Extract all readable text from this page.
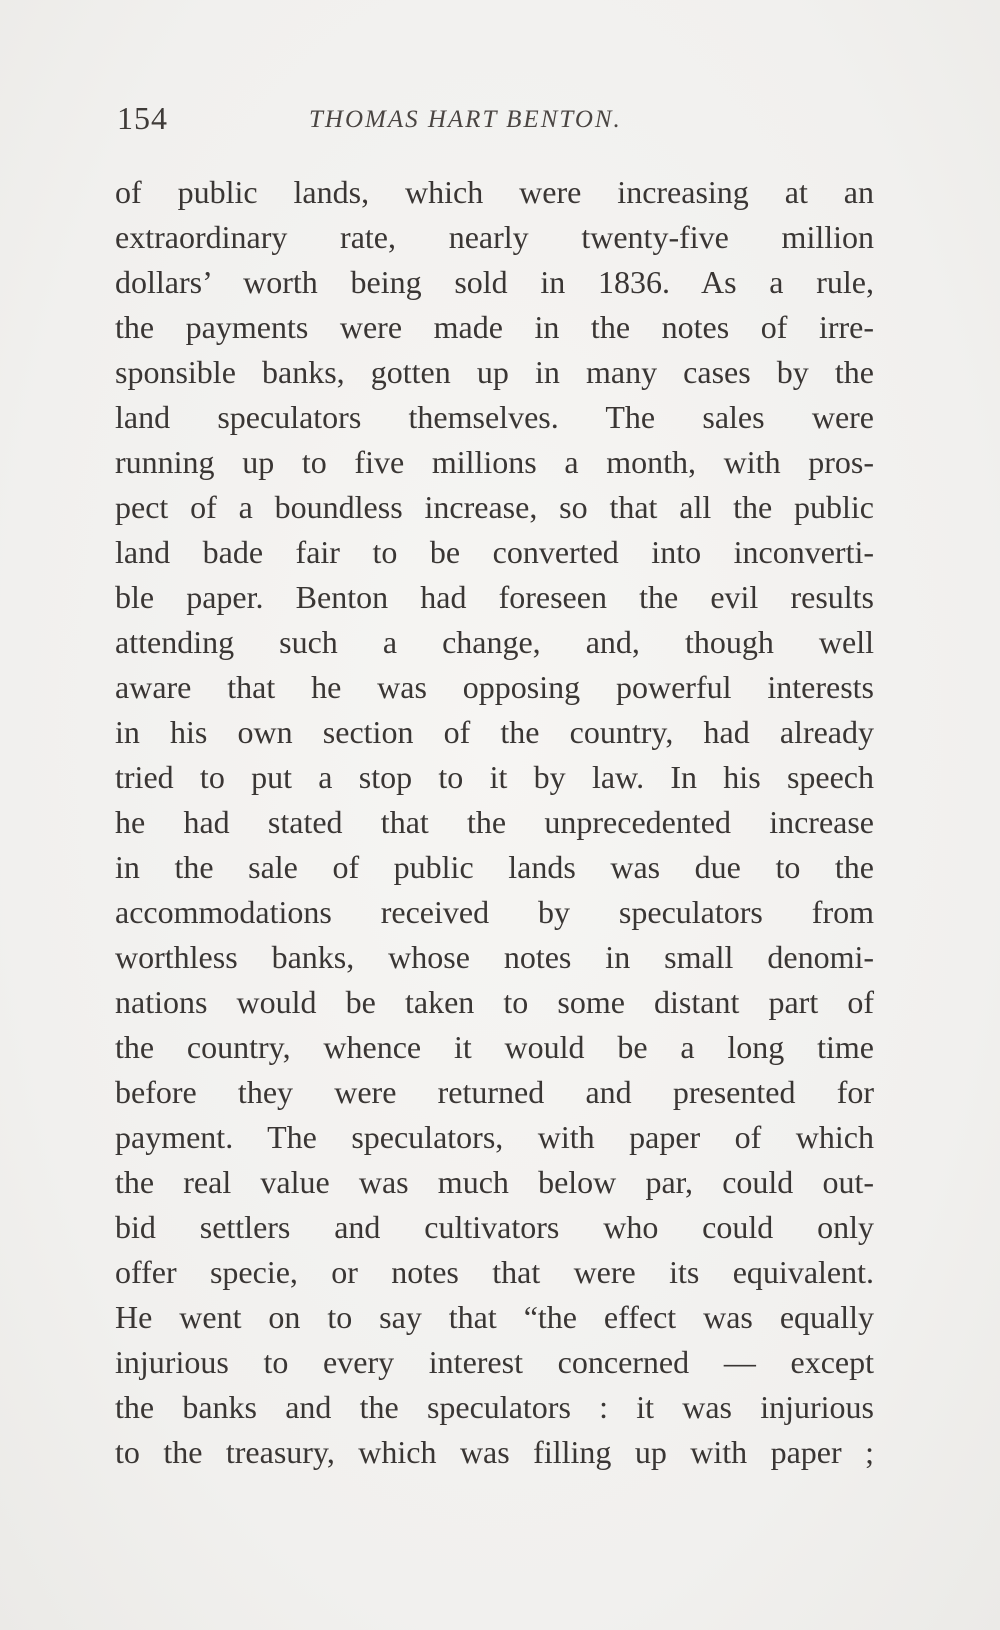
154	THOMAS HART BENTON.
of public lands, which were increasing at an
extraordinary rate, nearly twenty-five million
dollars’ worth being sold in 1836. As a rule,
the payments were made in the notes of irre-
sponsible banks, gotten up in many cases by the
land speculators themselves. The sales were
running up to five millions a month, with pros-
pect of a boundless increase, so that all the public
land bade fair to be converted into inconverti-
ble paper. Benton had foreseen the evil results
attending such a change, and, though well
aware that he was opposing powerful interests
in his own section of the country, had already
tried to put a stop to it by law. In his speech
he had stated that the unprecedented increase
in the sale of public lands was due to the
accommodations received by speculators from
worthless banks, whose notes in small denomi-
nations would be taken to some distant part of
the country, whence it would be a long time
before they were returned and presented for
payment. The speculators, with paper of which
the real value was much below par, could out-
bid settlers and cultivators who could only
offer specie, or notes that were its equivalent.
He went on to say that “the effect was equally
injurious to every interest concerned — except
the banks and the speculators : it was injurious
to the treasury, which was filling up with paper ;
